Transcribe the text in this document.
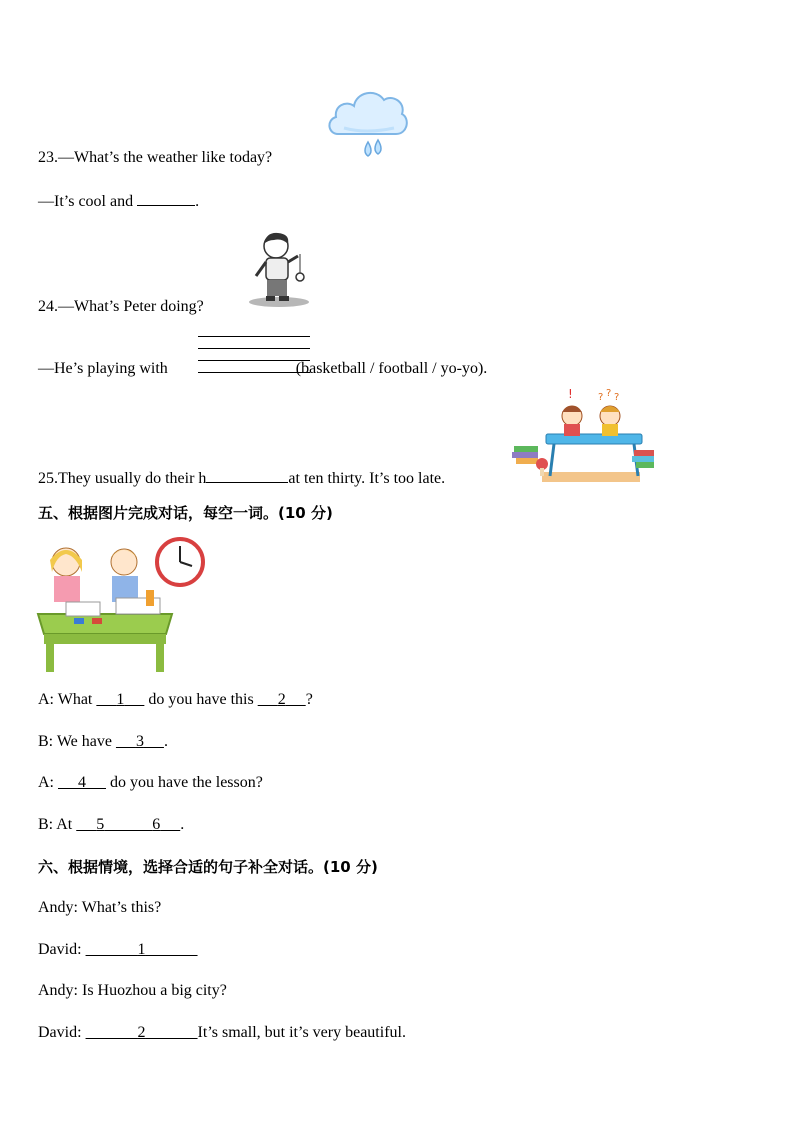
23.—What’s the weather like today?
—It’s cool and	.
24.—What’s Peter doing?
—He’s playing with	(basketball / football / yo-yo).
!	? ? ?
25.They usually do their h	at ten thirty. It’s too late.
五、根据图片完成对话，每空一词。(10 分)
A: What      1      do you have this      2 ?
B: We have      3 .
A:      4      do you have the lesson?
B: At      5	6 .
六、根据情境，选择合适的句子补全对话。(10 分)
Andy: What’s this?
David:	1
Andy: Is Huozhou a big city?
David:	2	It’s small, but it’s very beautiful.
